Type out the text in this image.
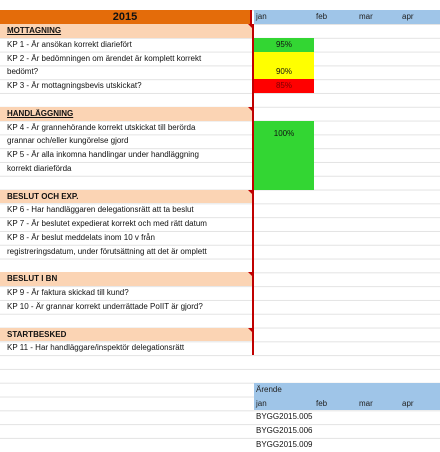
2015	jan	feb	mar	apr
MOTTAGNING
KP 1 - Är ansökan korrekt diariefört	95%
KP 2 - Är bedömningen om ärendet är komplett korrekt
bedömt?	90%
KP 3 - Är mottagningsbevis utskickat?	85%
HANDLÄGGNING
KP 4 - Är grannehörande korrekt utskickat till berörda
grannar och/eller kungörelse gjord
KP 5 - Är alla inkomna handlingar under handläggning
korrekt diarieförda
100%
BESLUT OCH EXP.
KP 6 - Har handläggaren delegationsrätt att ta beslut
KP 7 - Är beslutet expedierat korrekt och med rätt datum
KP 8 - Är beslut meddelats inom 10 v från
registreringsdatum, under förutsättning att det är omplett
BESLUT I BN
KP 9 - Är faktura skickad till kund?
KP 10 - Är grannar korrekt underrättade PoIIT är gjord?
STARTBESKED
KP 11 - Har handläggare/inspektör delegationsrätt
Ärende
jan	feb	mar	apr
BYGG2015.005
BYGG2015.006
BYGG2015.009
